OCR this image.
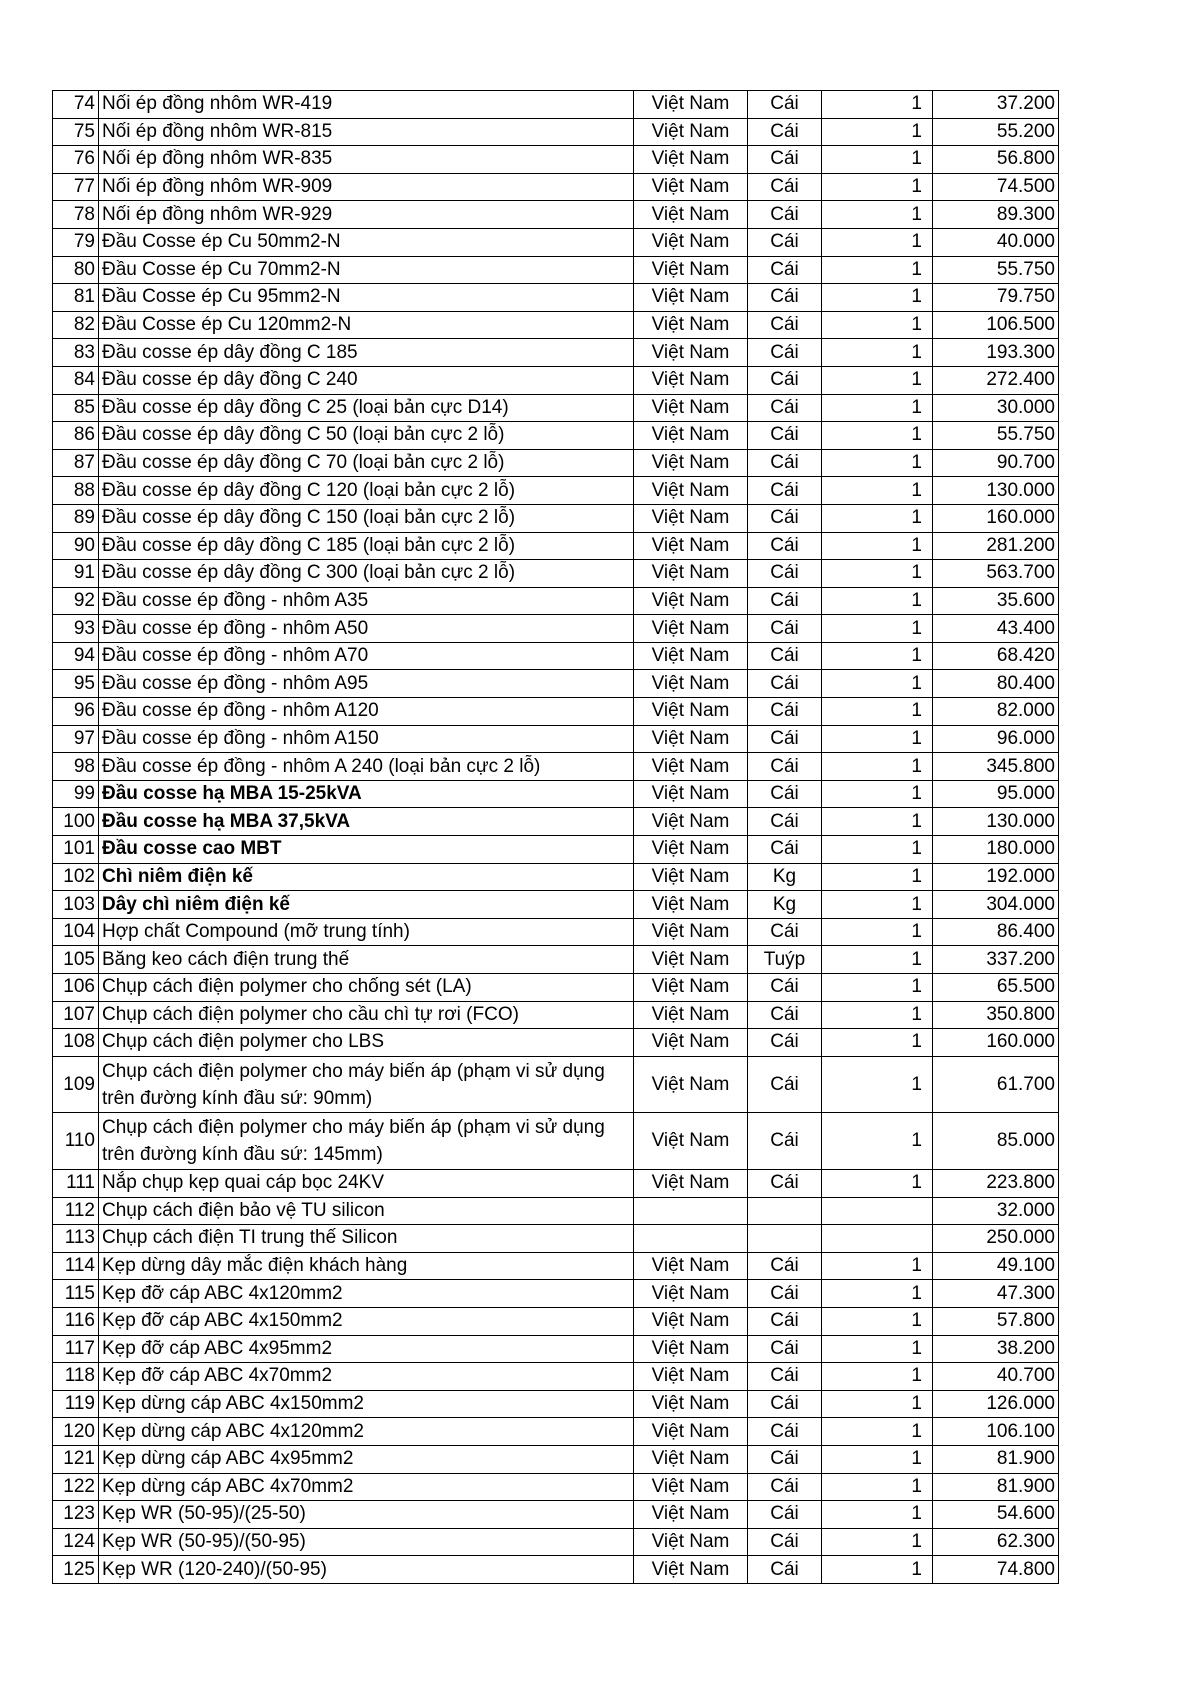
74	Nối ép đồng nhôm WR-419	Việt Nam	Cái	1	37.200
75	Nối ép đồng nhôm WR-815	Việt Nam	Cái	1	55.200
76	Nối ép đồng nhôm WR-835	Việt Nam	Cái	1	56.800
77	Nối ép đồng nhôm WR-909	Việt Nam	Cái	1	74.500
78	Nối ép đồng nhôm WR-929	Việt Nam	Cái	1	89.300
79	Đầu Cosse ép Cu 50mm2-N	Việt Nam	Cái	1	40.000
80	Đầu Cosse ép Cu 70mm2-N	Việt Nam	Cái	1	55.750
81	Đầu Cosse ép Cu 95mm2-N	Việt Nam	Cái	1	79.750
82	Đầu Cosse ép Cu 120mm2-N	Việt Nam	Cái	1	106.500
83	Đầu cosse ép dây đồng C 185	Việt Nam	Cái	1	193.300
84	Đầu cosse ép dây đồng C 240	Việt Nam	Cái	1	272.400
85	Đầu cosse ép dây đồng C 25 (loại bản cực D14)	Việt Nam	Cái	1	30.000
86	Đầu cosse ép dây đồng C 50 (loại bản cực 2 lỗ)	Việt Nam	Cái	1	55.750
87	Đầu cosse ép dây đồng C 70 (loại bản cực 2 lỗ)	Việt Nam	Cái	1	90.700
88	Đầu cosse ép dây đồng C 120 (loại bản cực 2 lỗ)	Việt Nam	Cái	1	130.000
89	Đầu cosse ép dây đồng C 150 (loại bản cực 2 lỗ)	Việt Nam	Cái	1	160.000
90	Đầu cosse ép dây đồng C 185 (loại bản cực 2 lỗ)	Việt Nam	Cái	1	281.200
91	Đầu cosse ép dây đồng C 300 (loại bản cực 2 lỗ)	Việt Nam	Cái	1	563.700
92	Đầu cosse ép đồng - nhôm A35	Việt Nam	Cái	1	35.600
93	Đầu cosse ép đồng - nhôm A50	Việt Nam	Cái	1	43.400
94	Đầu cosse ép đồng - nhôm A70	Việt Nam	Cái	1	68.420
95	Đầu cosse ép đồng - nhôm A95	Việt Nam	Cái	1	80.400
96	Đầu cosse ép đồng - nhôm A120	Việt Nam	Cái	1	82.000
97	Đầu cosse ép đồng - nhôm A150	Việt Nam	Cái	1	96.000
98	Đầu cosse ép đồng - nhôm A 240 (loại bản cực 2 lỗ)	Việt Nam	Cái	1	345.800
99	Đầu cosse hạ MBA 15-25kVA	Việt Nam	Cái	1	95.000
100	Đầu cosse hạ MBA 37,5kVA	Việt Nam	Cái	1	130.000
101	Đầu cosse cao MBT	Việt Nam	Cái	1	180.000
102	Chì niêm điện kế	Việt Nam	Kg	1	192.000
103	Dây chì niêm điện kế	Việt Nam	Kg	1	304.000
104	Hợp chất Compound (mỡ trung tính)	Việt Nam	Cái	1	86.400
105	Băng keo cách điện trung thế	Việt Nam	Tuýp	1	337.200
106	Chụp cách điện polymer cho chống sét (LA)	Việt Nam	Cái	1	65.500
107	Chụp cách điện polymer cho cầu chì tự rơi (FCO)	Việt Nam	Cái	1	350.800
108	Chụp cách điện polymer cho LBS	Việt Nam	Cái	1	160.000
109	Chụp cách điện polymer cho máy biến áp (phạm vi sử dụng trên đường kính đầu sứ: 90mm)	Việt Nam	Cái	1	61.700
110	Chụp cách điện polymer cho máy biến áp (phạm vi sử dụng trên đường kính đầu sứ: 145mm)	Việt Nam	Cái	1	85.000
111	Nắp chụp kẹp quai cáp bọc 24KV	Việt Nam	Cái	1	223.800
112	Chụp cách điện bảo vệ TU silicon				32.000
113	Chụp cách điện TI trung thế Silicon				250.000
114	Kẹp dừng dây mắc điện khách hàng	Việt Nam	Cái	1	49.100
115	Kẹp đỡ cáp ABC 4x120mm2	Việt Nam	Cái	1	47.300
116	Kẹp đỡ cáp ABC 4x150mm2	Việt Nam	Cái	1	57.800
117	Kẹp đỡ cáp ABC 4x95mm2	Việt Nam	Cái	1	38.200
118	Kẹp đỡ cáp ABC 4x70mm2	Việt Nam	Cái	1	40.700
119	Kẹp dừng cáp ABC 4x150mm2	Việt Nam	Cái	1	126.000
120	Kẹp dừng cáp ABC 4x120mm2	Việt Nam	Cái	1	106.100
121	Kẹp dừng cáp ABC 4x95mm2	Việt Nam	Cái	1	81.900
122	Kẹp dừng cáp ABC 4x70mm2	Việt Nam	Cái	1	81.900
123	Kẹp WR (50-95)/(25-50)	Việt Nam	Cái	1	54.600
124	Kẹp WR (50-95)/(50-95)	Việt Nam	Cái	1	62.300
125	Kẹp WR (120-240)/(50-95)	Việt Nam	Cái	1	74.800
